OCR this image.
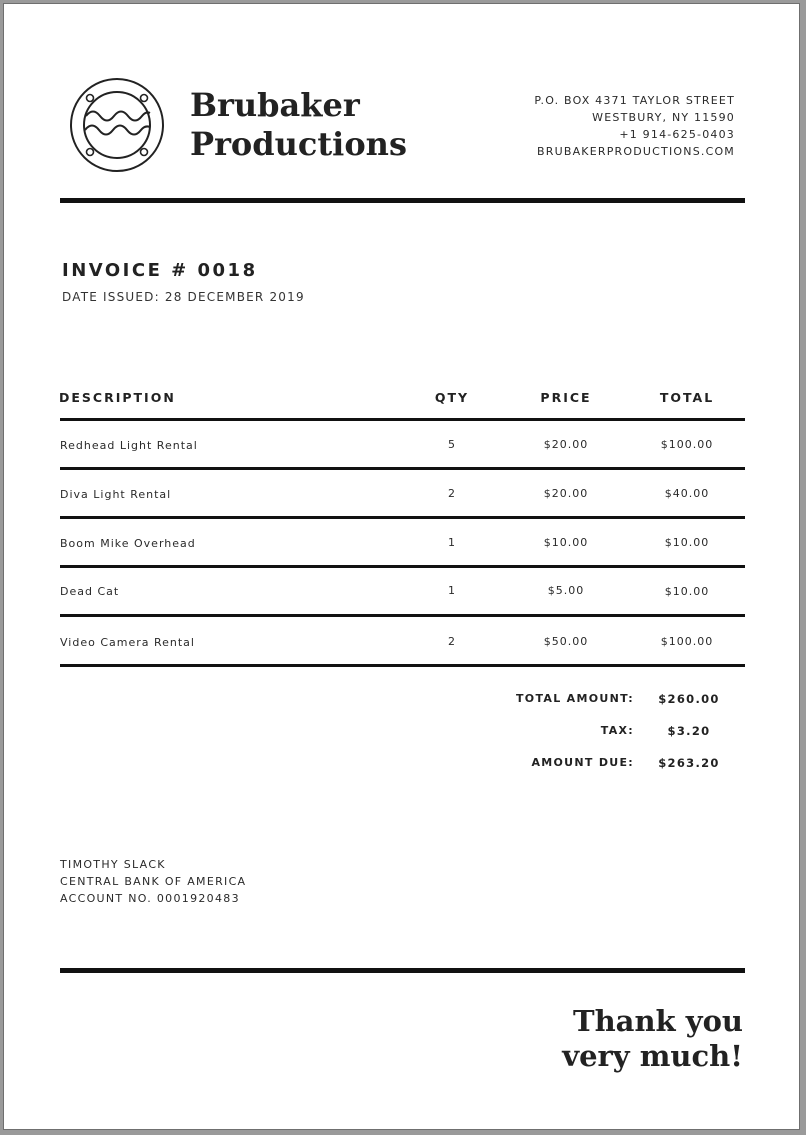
Brubaker
Productions
P.O. BOX 4371 TAYLOR STREET
WESTBURY, NY 11590
+1 914-625-0403
BRUBAKERPRODUCTIONS.COM
INVOICE # 0018
DATE ISSUED: 28 DECEMBER 2019
DESCRIPTION	QTY	PRICE	TOTAL
Redhead Light Rental	5	$20.00	$100.00
Diva Light Rental	2	$20.00	$40.00
Boom Mike Overhead	1	$10.00	$10.00
Dead Cat	1	$5.00	$10.00
Video Camera Rental	2	$50.00	$100.00
TOTAL AMOUNT:	$260.00
TAX:	$3.20
AMOUNT DUE:	$263.20
TIMOTHY SLACK
CENTRAL BANK OF AMERICA
ACCOUNT NO. 0001920483
Thank you
very much!
